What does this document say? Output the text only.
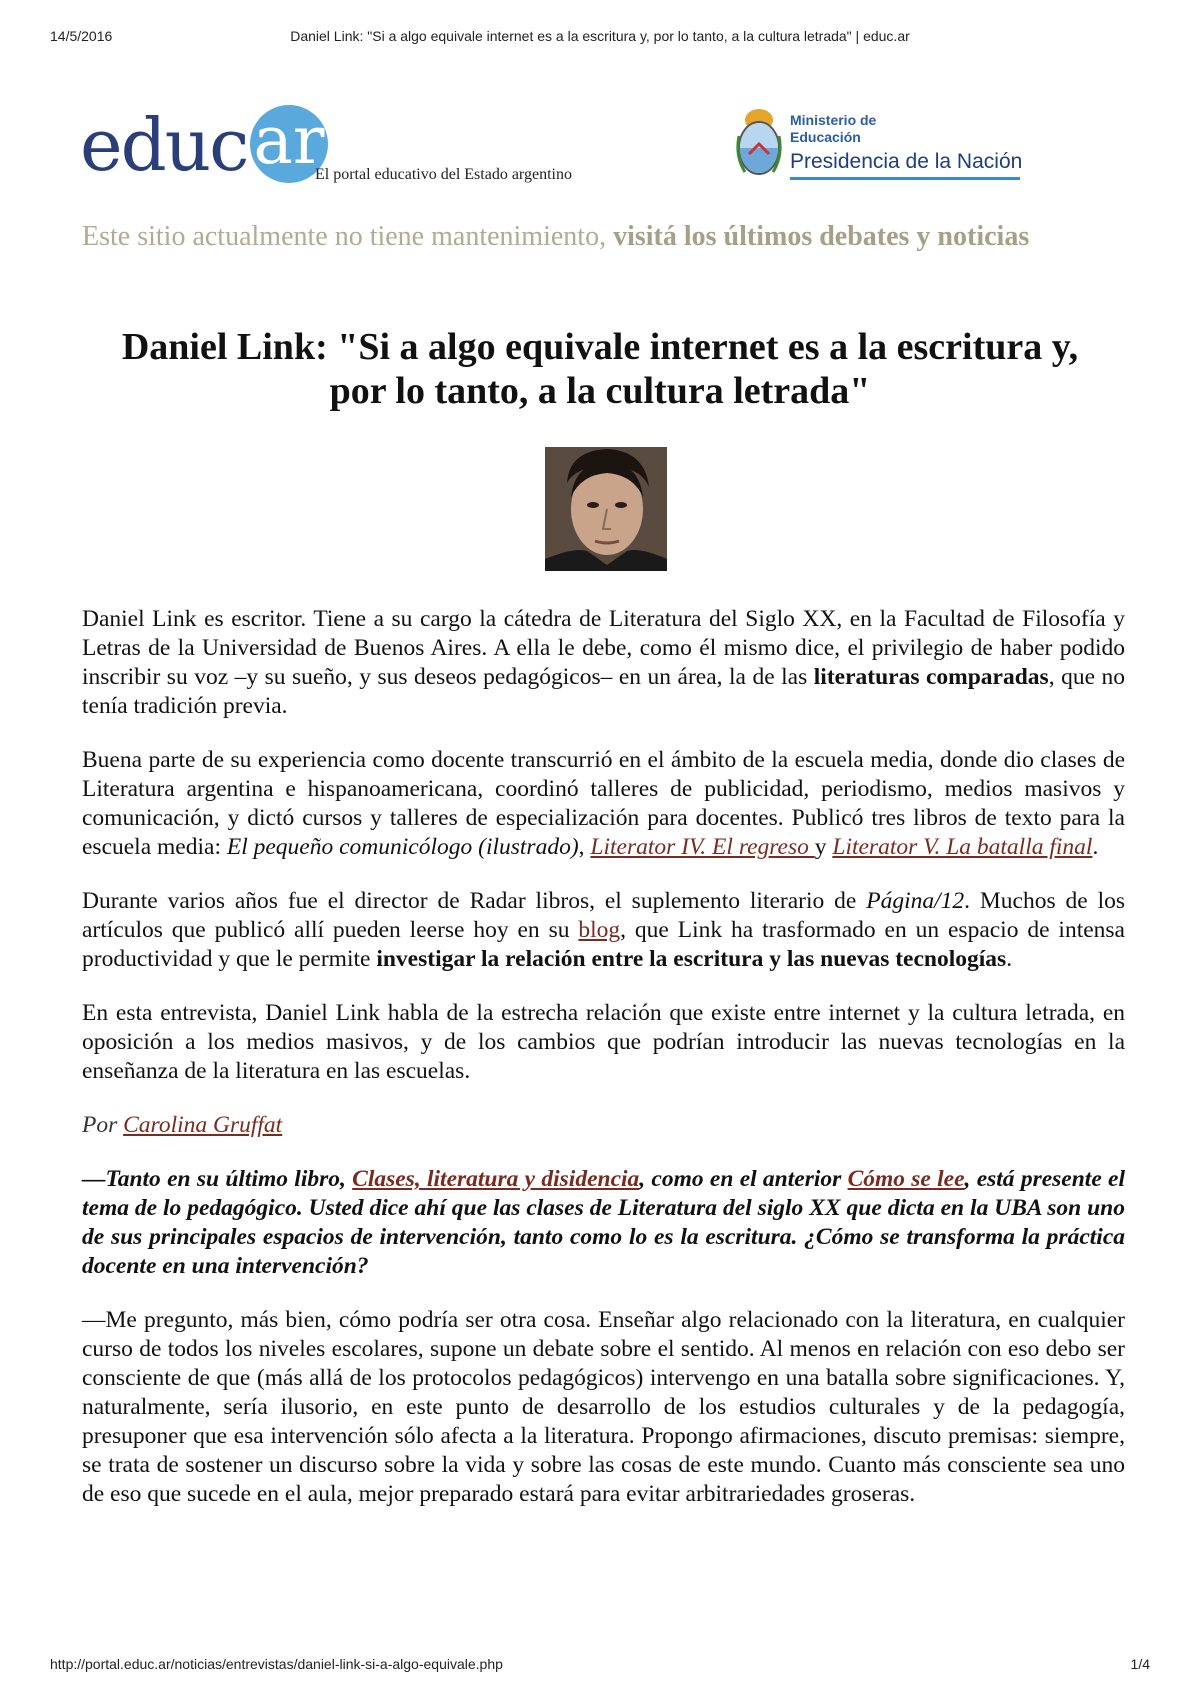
14/5/2016	Daniel Link: "Si a algo equivale internet es a la escritura y, por lo tanto, a la cultura letrada" | educ.ar
educ ar
El portal educativo del Estado argentino
Ministerio de
Educación
Presidencia de la Nación
Este sitio actualmente no tiene mantenimiento, visitá los últimos debates y noticias
Daniel Link: "Si a algo equivale internet es a la escritura y, por lo tanto, a la cultura letrada"

Daniel Link es escritor. Tiene a su cargo la cátedra de Literatura del Siglo XX, en la Facultad de Filosofía y Letras de la Universidad de Buenos Aires. A ella le debe, como él mismo dice, el privilegio de haber podido inscribir su voz –y su sueño, y sus deseos pedagógicos– en un área, la de las literaturas comparadas, que no tenía tradición previa.

Buena parte de su experiencia como docente transcurrió en el ámbito de la escuela media, donde dio clases de Literatura argentina e hispanoamericana, coordinó talleres de publicidad, periodismo, medios masivos y comunicación, y dictó cursos y talleres de especialización para docentes. Publicó tres libros de texto para la escuela media: El pequeño comunicólogo (ilustrado), Literator IV. El regreso y Literator V. La batalla final.

Durante varios años fue el director de Radar libros, el suplemento literario de Página/12. Muchos de los artículos que publicó allí pueden leerse hoy en su blog, que Link ha trasformado en un espacio de intensa productividad y que le permite investigar la relación entre la escritura y las nuevas tecnologías.

En esta entrevista, Daniel Link habla de la estrecha relación que existe entre internet y la cultura letrada, en oposición a los medios masivos, y de los cambios que podrían introducir las nuevas tecnologías en la enseñanza de la literatura en las escuelas.

Por Carolina Gruffat

—Tanto en su último libro, Clases, literatura y disidencia, como en el anterior Cómo se lee, está presente el tema de lo pedagógico. Usted dice ahí que las clases de Literatura del siglo XX que dicta en la UBA son uno de sus principales espacios de intervención, tanto como lo es la escritura. ¿Cómo se transforma la práctica docente en una intervención?

—Me pregunto, más bien, cómo podría ser otra cosa. Enseñar algo relacionado con la literatura, en cualquier curso de todos los niveles escolares, supone un debate sobre el sentido. Al menos en relación con eso debo ser consciente de que (más allá de los protocolos pedagógicos) intervengo en una batalla sobre significaciones. Y, naturalmente, sería ilusorio, en este punto de desarrollo de los estudios culturales y de la pedagogía, presuponer que esa intervención sólo afecta a la literatura. Propongo afirmaciones, discuto premisas: siempre, se trata de sostener un discurso sobre la vida y sobre las cosas de este mundo. Cuanto más consciente sea uno de eso que sucede en el aula, mejor preparado estará para evitar arbitrariedades groseras.

http://portal.educ.ar/noticias/entrevistas/daniel-link-si-a-algo-equivale.php	1/4
